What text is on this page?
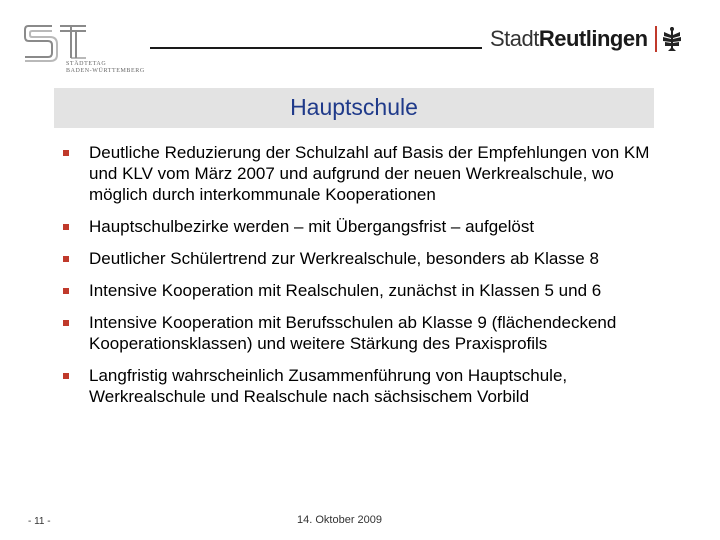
STÄDTETAG
BADEN-WÜRTTEMBERG
Stadt Reutlingen
Hauptschule
Deutliche Reduzierung der Schulzahl auf Basis der Empfehlungen von KM und KLV vom März 2007 und aufgrund der neuen Werkrealschule, wo möglich durch interkommunale Kooperationen
Hauptschulbezirke werden – mit Übergangsfrist – aufgelöst
Deutlicher Schülertrend zur Werkrealschule, besonders ab Klasse 8
Intensive Kooperation mit Realschulen, zunächst in Klassen 5 und 6
Intensive Kooperation mit Berufsschulen ab Klasse 9 (flächendeckend Kooperationsklassen) und weitere Stärkung des Praxisprofils
Langfristig wahrscheinlich Zusammenführung von Hauptschule, Werkrealschule und Realschule nach sächsischem Vorbild
- 11 -	14. Oktober 2009
